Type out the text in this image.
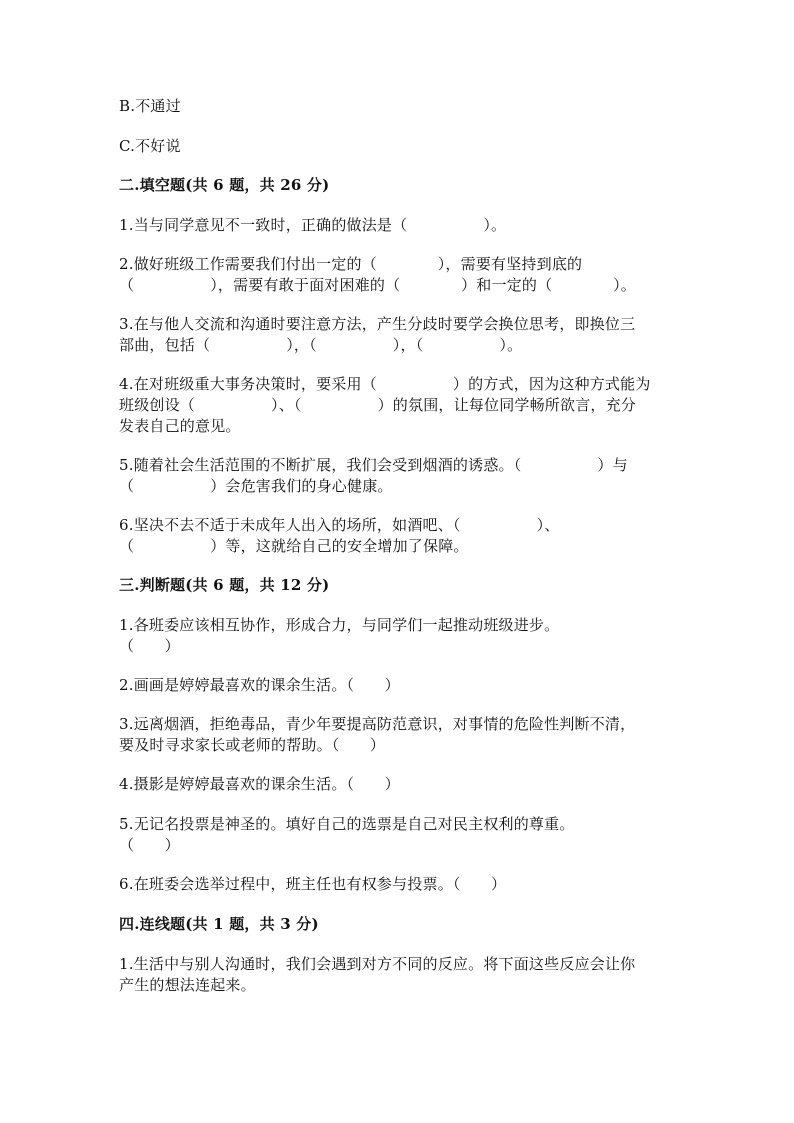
B.不通过
C.不好说
二.填空题(共 6 题，共 26 分)
1.当与同学意见不一致时，正确的做法是（　　　　　）。
2.做好班级工作需要我们付出一定的（　　　　），需要有坚持到底的
（　　　　　），需要有敢于面对困难的（　　　　）和一定的（　　　　）。
3.在与他人交流和沟通时要注意方法，产生分歧时要学会换位思考，即换位三
部曲，包括（　　　　　），（　　　　　），（　　　　　）。
4.在对班级重大事务决策时，要采用（　　　　　）的方式，因为这种方式能为
班级创设（　　　　　）、（　　　　　）的氛围，让每位同学畅所欲言，充分
发表自己的意见。
5.随着社会生活范围的不断扩展，我们会受到烟酒的诱惑。（　　　　　）与
（　　　　　）会危害我们的身心健康。
6.坚决不去不适于未成年人出入的场所，如酒吧、（　　　　　）、
（　　　　　）等，这就给自己的安全增加了保障。
三.判断题(共 6 题，共 12 分)
1.各班委应该相互协作，形成合力，与同学们一起推动班级进步。
（　　）
2.画画是婷婷最喜欢的课余生活。（　　）
3.远离烟酒，拒绝毒品，青少年要提高防范意识，对事情的危险性判断不清，
要及时寻求家长或老师的帮助。（　　）
4.摄影是婷婷最喜欢的课余生活。（　　）
5.无记名投票是神圣的。填好自己的选票是自己对民主权利的尊重。
（　　）
6.在班委会选举过程中，班主任也有权参与投票。（　　）
四.连线题(共 1 题，共 3 分)
1.生活中与别人沟通时，我们会遇到对方不同的反应。将下面这些反应会让你
产生的想法连起来。
